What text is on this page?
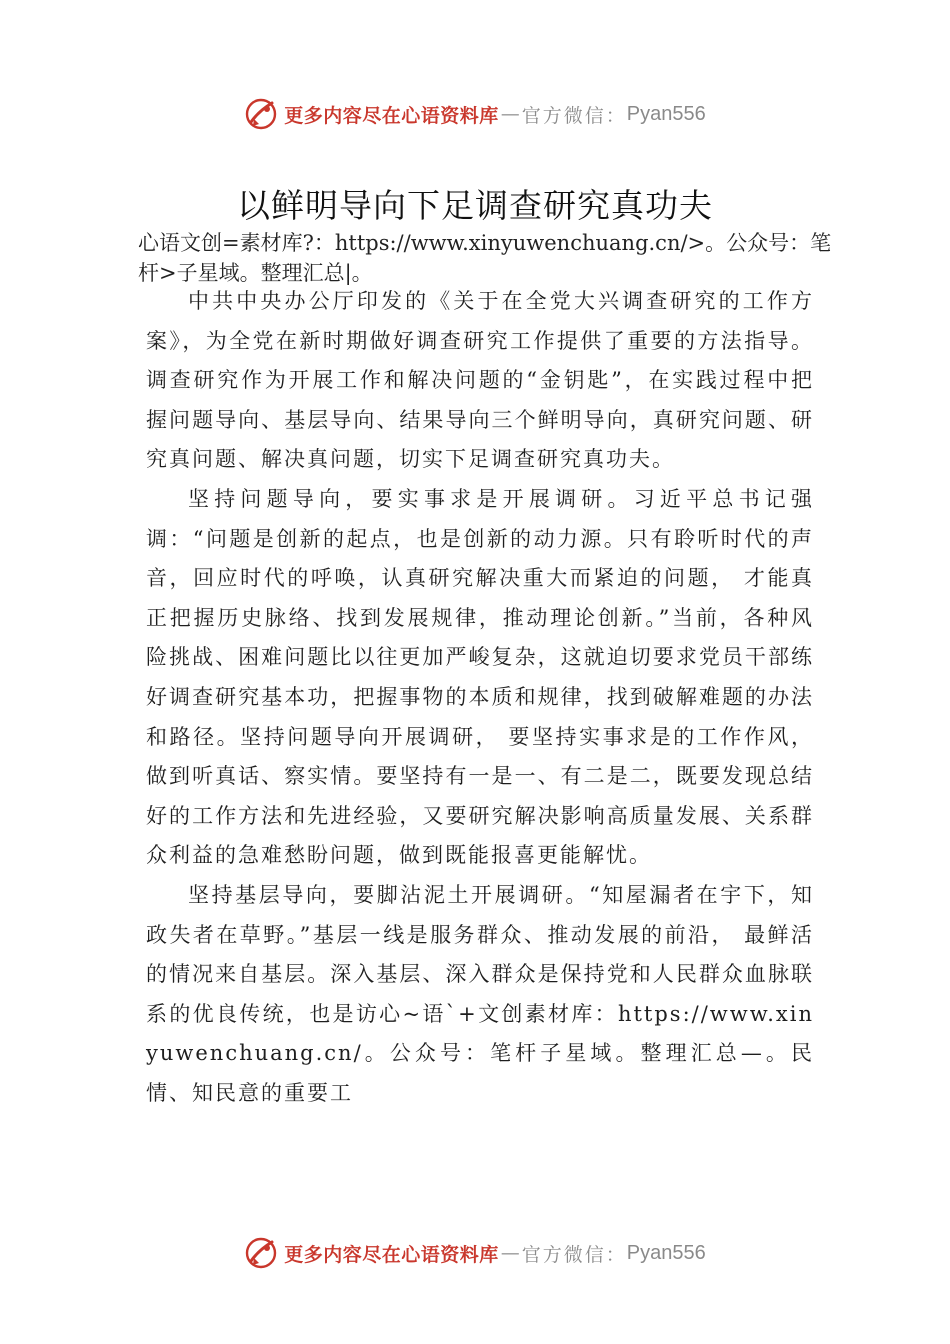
更多内容尽在心语资料库 — 官方微信： Pyan556
以鲜明导向下足调查研究真功夫

心语文创=素材库?：https://www.xinyuwenchuang.cn/>。公众号：笔杆>子星域。整理汇总|。

中共中央办公厅印发的《关于在全党大兴调查研究的工作方案》，为全党在新时期做好调查研究工作提供了重要的方法指导。调查研究作为开展工作和解决问题的“金钥匙”，在实践过程中把握问题导向、基层导向、结果导向三个鲜明导向，真研究问题、研究真问题、解决真问题，切实下足调查研究真功夫。

坚持问题导向，要实事求是开展调研。习近平总书记强调：“问题是创新的起点，也是创新的动力源。只有聆听时代的声音，回应时代的呼唤，认真研究解决重大而紧迫的问题， 才能真正把握历史脉络、找到发展规律，推动理论创新。”当前，各种风险挑战、困难问题比以往更加严峻复杂，这就迫切要求党员干部练好调查研究基本功，把握事物的本质和规律，找到破解难题的办法和路径。坚持问题导向开展调研， 要坚持实事求是的工作作风，做到听真话、察实情。要坚持有一是一、有二是二，既要发现总结好的工作方法和先进经验，又要研究解决影响高质量发展、关系群众利益的急难愁盼问题，做到既能报喜更能解忧。

坚持基层导向，要脚沾泥土开展调研。“知屋漏者在宇下，知政失者在草野。”基层一线是服务群众、推动发展的前沿， 最鲜活的情况来自基层。深入基层、深入群众是保持党和人民群众血脉联系的优良传统，也是访心~语`+文创素材库：https://www.xinyuwenchuang.cn/。公众号：笔杆子星域。整理汇总—。民情、知民意的重要工

更多内容尽在心语资料库 — 官方微信： Pyan556
